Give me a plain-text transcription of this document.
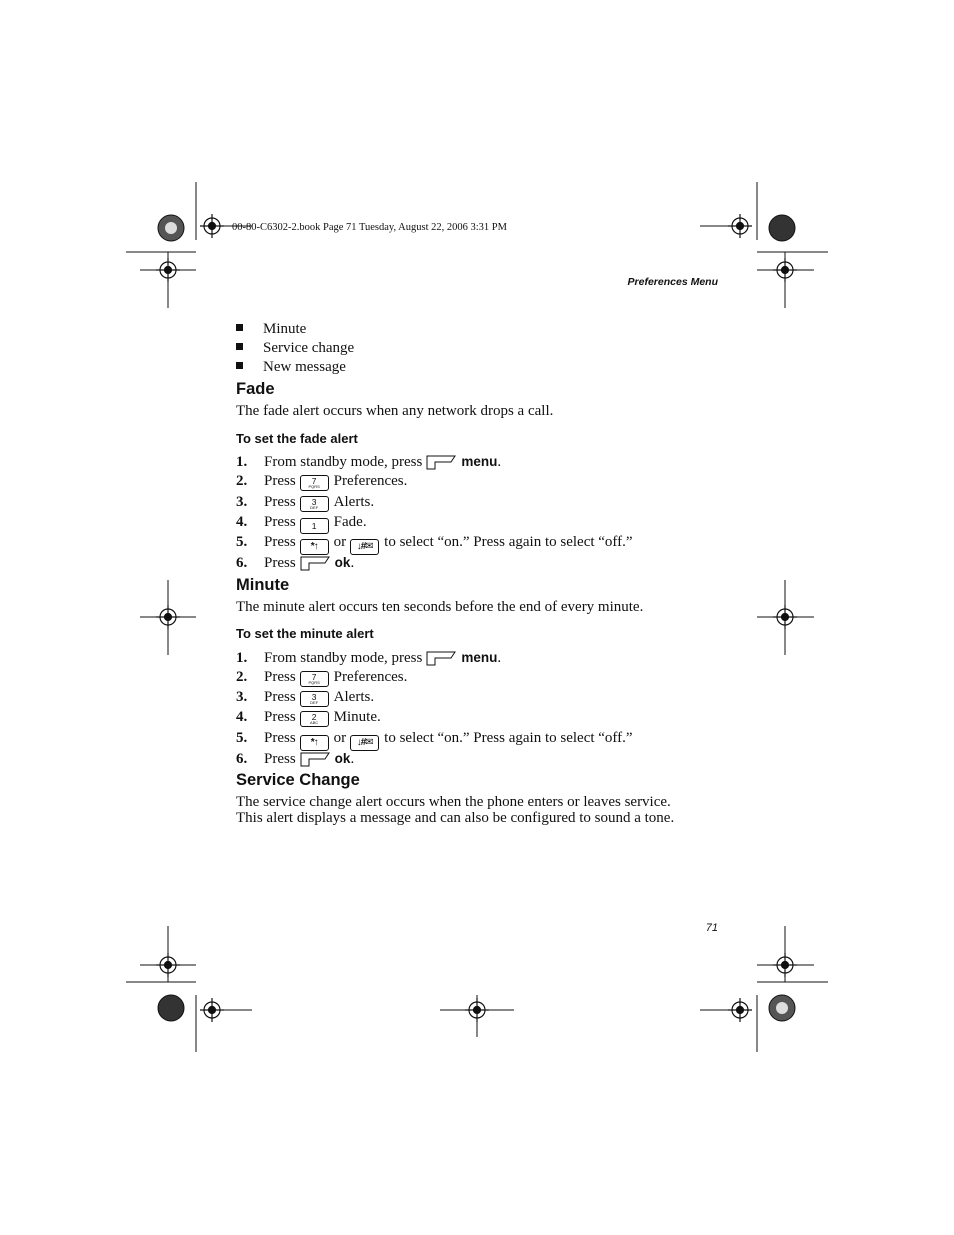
00-80-C6302-2.book Page 71 Tuesday, August 22, 2006 3:31 PM
Preferences Menu
71
Minute
Service change
New message
Fade
The fade alert occurs when any network drops a call.
To set the fade alert
1. From standby mode, press	menu.
2. Press	7
PQRS Preferences.
3. Press	3
DEF	Alerts.
4. Press	1	Fade.
5. Press *↑ or ↓#✉ to select “on.” Press again to select “off.”
6. Press	ok.
Minute
The minute alert occurs ten seconds before the end of every minute.
To set the minute alert
1. From standby mode, press	menu.
2. Press	7
PQRS Preferences.
3. Press	3
DEF	Alerts.
4. Press	2
ABC	Minute.
5. Press *↑ or ↓#✉ to select “on.” Press again to select “off.”
6. Press	ok.
Service Change
The service change alert occurs when the phone enters or leaves service.
This alert displays a message and can also be configured to sound a tone.
